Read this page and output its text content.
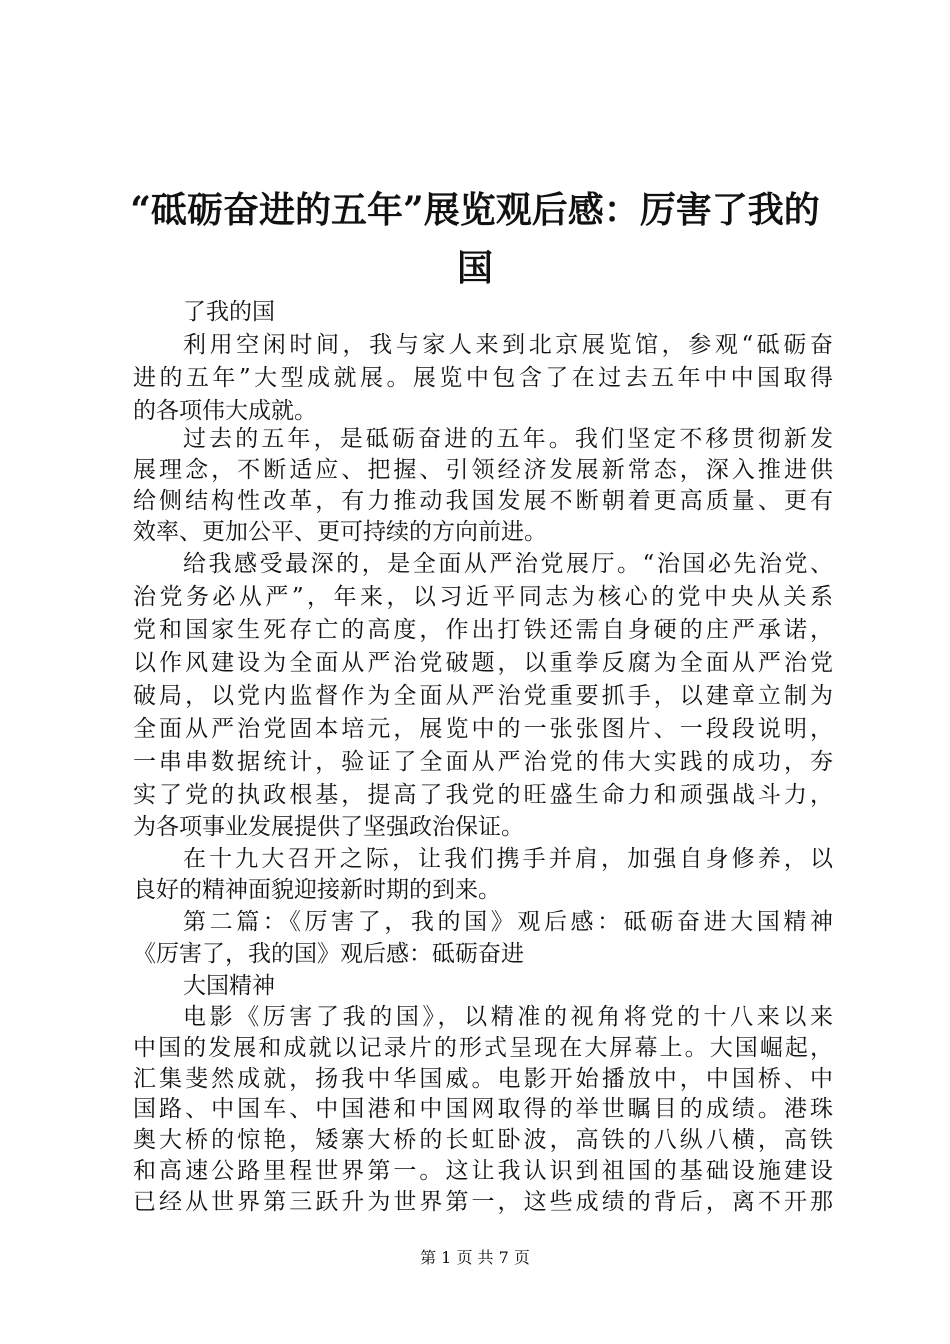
“砥砺奋进的五年”展览观后感：厉害了我的
国

了我的国

利用空闲时间，我与家人来到北京展览馆，参观“砥砺奋

进的五年”大型成就展。展览中包含了在过去五年中中国取得

的各项伟大成就。

过去的五年，是砥砺奋进的五年。我们坚定不移贯彻新发

展理念，不断适应、把握、引领经济发展新常态，深入推进供

给侧结构性改革，有力推动我国发展不断朝着更高质量、更有

效率、更加公平、更可持续的方向前进。

给我感受最深的，是全面从严治党展厅。“治国必先治党、

治党务必从严”，年来，以习近平同志为核心的党中央从关系

党和国家生死存亡的高度，作出打铁还需自身硬的庄严承诺，

以作风建设为全面从严治党破题，以重拳反腐为全面从严治党

破局，以党内监督作为全面从严治党重要抓手，以建章立制为

全面从严治党固本培元，展览中的一张张图片、一段段说明，

一串串数据统计，验证了全面从严治党的伟大实践的成功，夯

实了党的执政根基，提高了我党的旺盛生命力和顽强战斗力，

为各项事业发展提供了坚强政治保证。

在十九大召开之际，让我们携手并肩，加强自身修养，以

良好的精神面貌迎接新时期的到来。

第二篇：《厉害了，我的国》观后感：砥砺奋进大国精神

《厉害了，我的国》观后感：砥砺奋进

大国精神

电影《厉害了我的国》，以精准的视角将党的十八来以来

中国的发展和成就以记录片的形式呈现在大屏幕上。大国崛起，

汇集斐然成就，扬我中华国威。电影开始播放中，中国桥、中

国路、中国车、中国港和中国网取得的举世瞩目的成绩。港珠

奥大桥的惊艳，矮寨大桥的长虹卧波，高铁的八纵八横，高铁

和高速公路里程世界第一。这让我认识到祖国的基础设施建设

已经从世界第三跃升为世界第一，这些成绩的背后，离不开那

第 1 页 共 7 页
